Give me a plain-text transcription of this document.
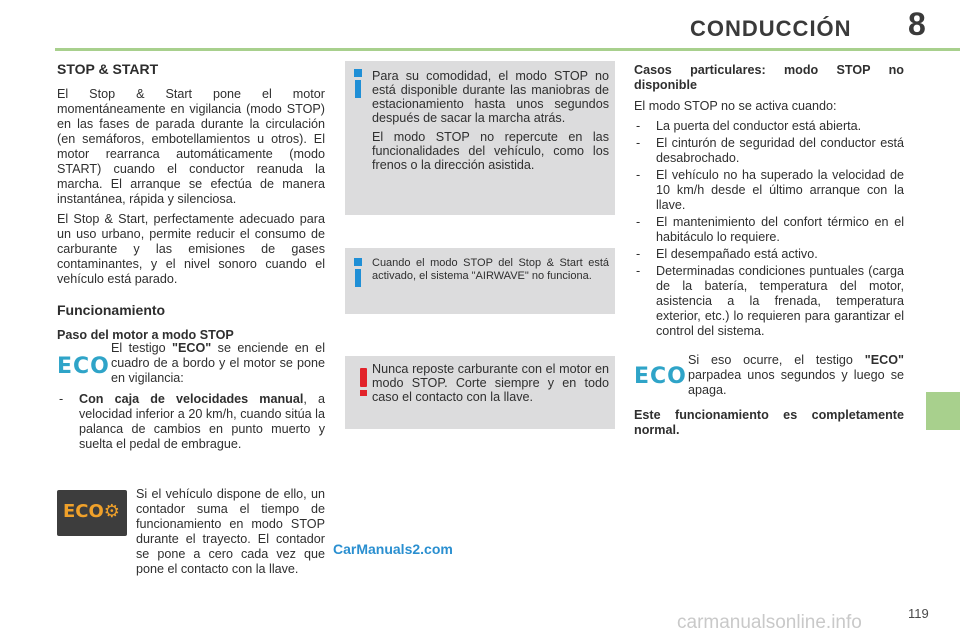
CONDUCCIÓN 8
STOP & START

El Stop & Start pone el motor momentáneamente en vigilancia (modo STOP) en las fases de parada durante la circulación (en semáforos, embotellamientos u otros). El motor rearranca automáticamente (modo START) cuando el conductor reanuda la marcha. El arranque se efectúa de manera instantánea, rápida y silenciosa.

El Stop & Start, perfectamente adecuado para un uso urbano, permite reducir el consumo de carburante y las emisiones de gases contaminantes, y el nivel sonoro cuando el vehículo está parado.

Funcionamiento
Paso del motor a modo STOP
ECO
El testigo "ECO" se enciende en el cuadro de a bordo y el motor se pone en vigilancia:
- Con caja de velocidades manual, a velocidad inferior a 20 km/h, cuando sitúa la palanca de cambios en punto muerto y suelta el pedal de embrague.
ECO⚙
Si el vehículo dispone de ello, un contador suma el tiempo de funcionamiento en modo STOP durante el trayecto. El contador se pone a cero cada vez que pone el contacto con la llave.

Para su comodidad, el modo STOP no está disponible durante las maniobras de estacionamiento hasta unos segundos después de sacar la marcha atrás.

El modo STOP no repercute en las funcionalidades del vehículo, como los frenos o la dirección asistida.

Cuando el modo STOP del Stop & Start está activado, el sistema "AIRWAVE" no funciona.
Nunca reposte carburante con el motor en modo STOP. Corte siempre y en todo caso el contacto con la llave.
Casos particulares: modo STOP no disponible

El modo STOP no se activa cuando:

- La puerta del conductor está abierta.
- El cinturón de seguridad del conductor está desabrochado.
- El vehículo no ha superado la velocidad de 10 km/h desde el último arranque con la llave.
- El mantenimiento del confort térmico en el habitáculo lo requiere.
- El desempañado está activo.
- Determinadas condiciones puntuales (carga de la batería, temperatura del motor, asistencia a la frenada, temperatura exterior, etc.) lo requieren para garantizar el control del sistema.
ECO
Si eso ocurre, el testigo "ECO" parpadea unos segundos y luego se apaga.
Este funcionamiento es completamente normal.
CarManuals2.com
119
carmanualsonline.info
